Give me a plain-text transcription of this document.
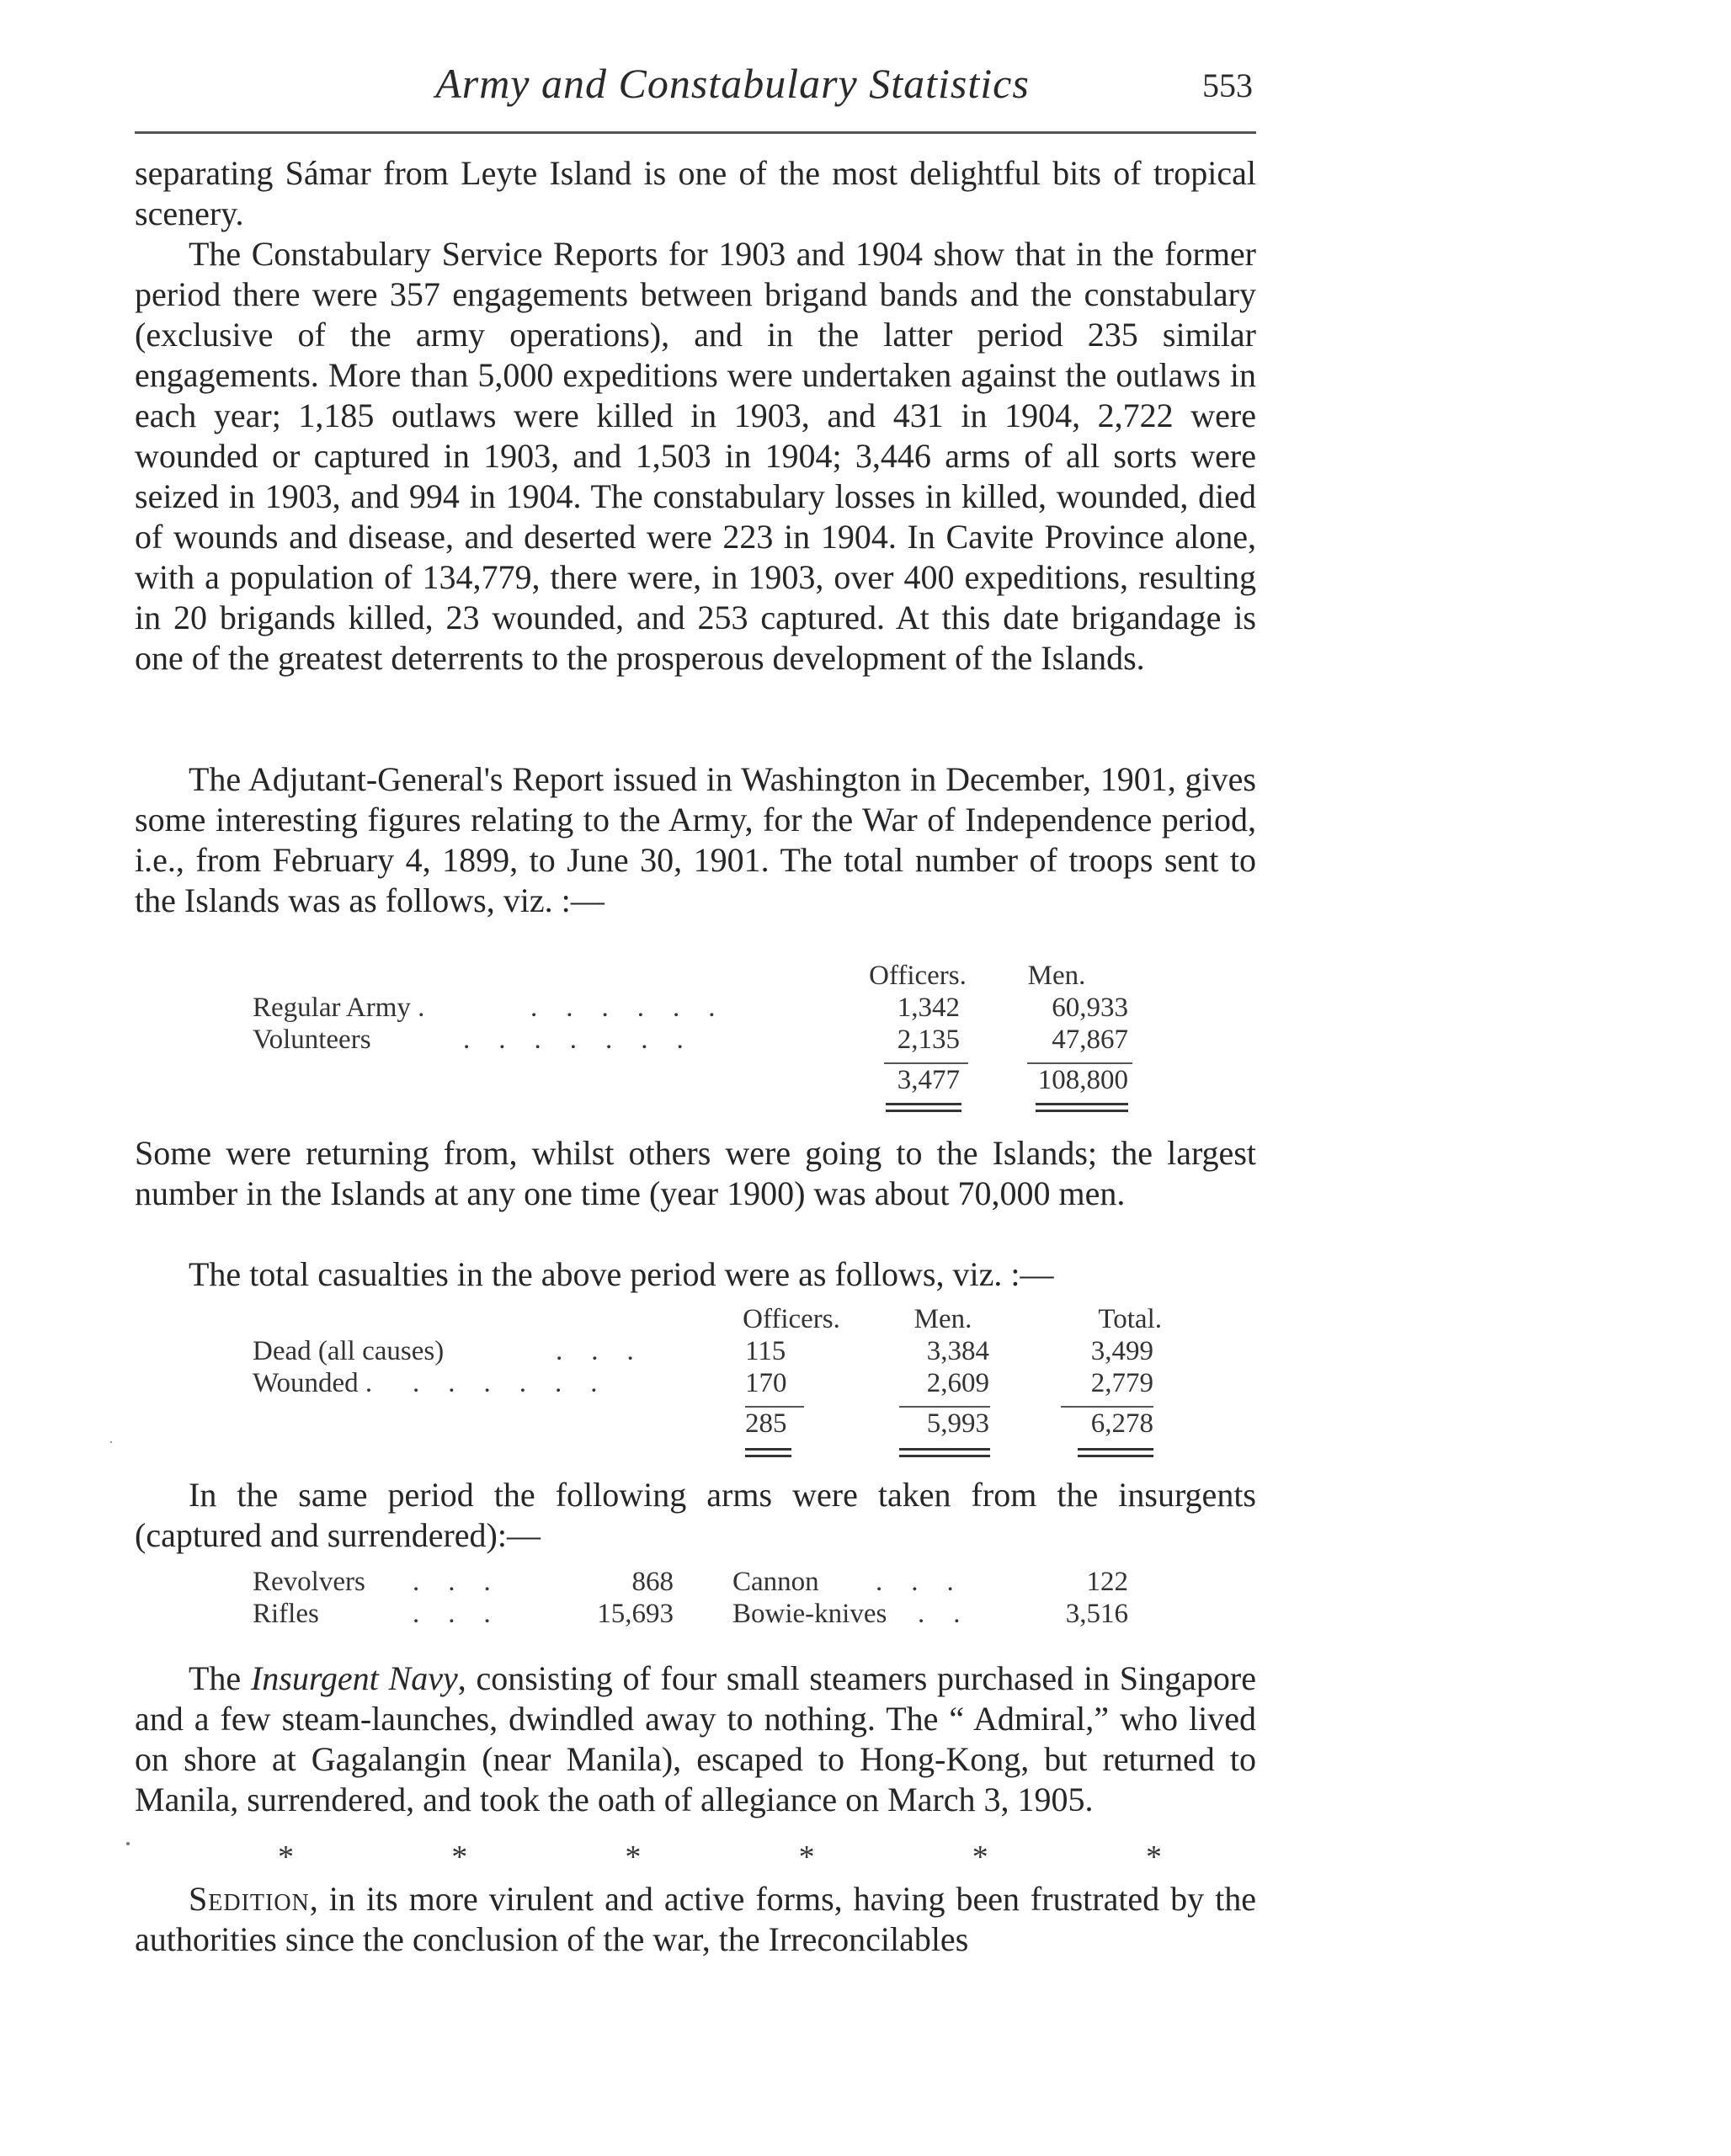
Army and Constabulary Statistics	553

separating Sámar from Leyte Island is one of the most delightful bits of tropical scenery.

The Constabulary Service Reports for 1903 and 1904 show that in the former period there were 357 engagements between brigand bands and the constabulary (exclusive of the army operations), and in the latter period 235 similar engagements. More than 5,000 expeditions were undertaken against the outlaws in each year; 1,185 outlaws were killed in 1903, and 431 in 1904, 2,722 were wounded or captured in 1903, and 1,503 in 1904; 3,446 arms of all sorts were seized in 1903, and 994 in 1904. The constabulary losses in killed, wounded, died of wounds and disease, and deserted were 223 in 1904. In Cavite Province alone, with a population of 134,779, there were, in 1903, over 400 expeditions, resulting in 20 brigands killed, 23 wounded, and 253 captured. At this date brigandage is one of the greatest deterrents to the prosperous development of the Islands.

The Adjutant-General's Report issued in Washington in December, 1901, gives some interesting figures relating to the Army, for the War of Independence period, i.e., from February 4, 1899, to June 30, 1901. The total number of troops sent to the Islands was as follows, viz. :—

Officers.	Men.
Regular Army .	......	1,342	60,933
Volunteers	.......	2,135	47,867
3,477	108,800

Some were returning from, whilst others were going to the Islands; the largest number in the Islands at any one time (year 1900) was about 70,000 men.

The total casualties in the above period were as follows, viz. :—

Officers.	Men.	Total.
Dead (all causes)	...	115	3,384	3,499
Wounded . ......	170	2,609	2,779
285	5,993	6,278

In the same period the following arms were taken from the insurgents (captured and surrendered):—

Revolvers ...	868 Cannon ...	122
Rifles	...	15,693 Bowie-knives ..	3,516

The Insurgent Navy, consisting of four small steamers purchased in Singapore and a few steam-launches, dwindled away to nothing. The “ Admiral,” who lived on shore at Gagalangin (near Manila), escaped to Hong-Kong, but returned to Manila, surrendered, and took the oath of allegiance on March 3, 1905.

*	*	*	*	*	*

Sedition, in its more virulent and active forms, having been frustrated by the authorities since the conclusion of the war, the Irreconcilables
